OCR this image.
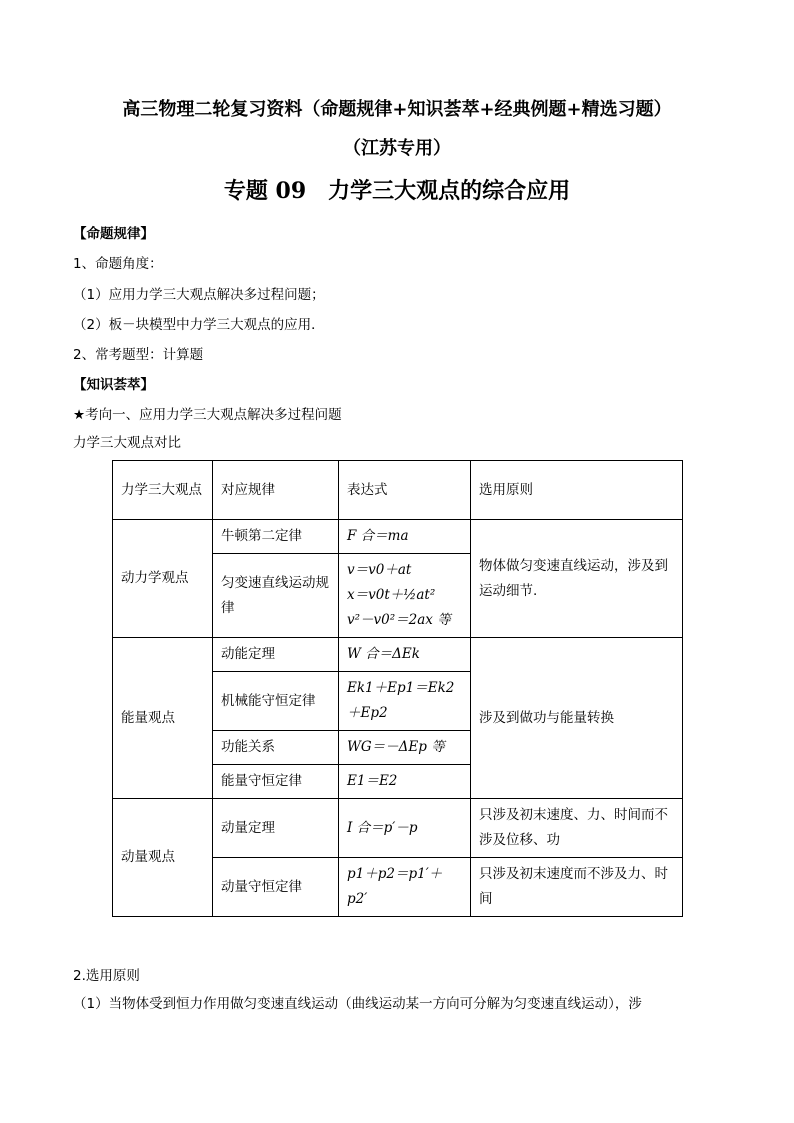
高三物理二轮复习资料（命题规律+知识荟萃+经典例题+精选习题）
（江苏专用）
专题 09　力学三大观点的综合应用
【命题规律】
1、命题角度：
（1）应用力学三大观点解决多过程问题；
（2）板－块模型中力学三大观点的应用．
2、常考题型：计算题
【知识荟萃】
★考向一、应用力学三大观点解决多过程问题
力学三大观点对比
力学三大观点	对应规律	表达式	选用原则
动力学观点	牛顿第二定律	F 合＝ma	物体做匀变速直线运动，涉及到运动细节.
	匀变速直线运动规律	v＝v0＋at
x＝v0t＋½at²
v²－v0²＝2ax 等	

能量观点	动能定理	W 合＝ΔEk	涉及到做功与能量转换
	机械能守恒定律	Ek1＋Ep1＝Ek2＋Ep2	
	功能关系	WG＝－ΔEp 等	
	能量守恒定律	E1＝E2	
动量观点	动量定理	I 合＝p′－p	只涉及初末速度、力、时间而不涉及位移、功
	动量守恒定律	p1＋p2＝p1′＋p2′	只涉及初末速度而不涉及力、时间
2.选用原则
（1）当物体受到恒力作用做匀变速直线运动（曲线运动某一方向可分解为匀变速直线运动），涉
